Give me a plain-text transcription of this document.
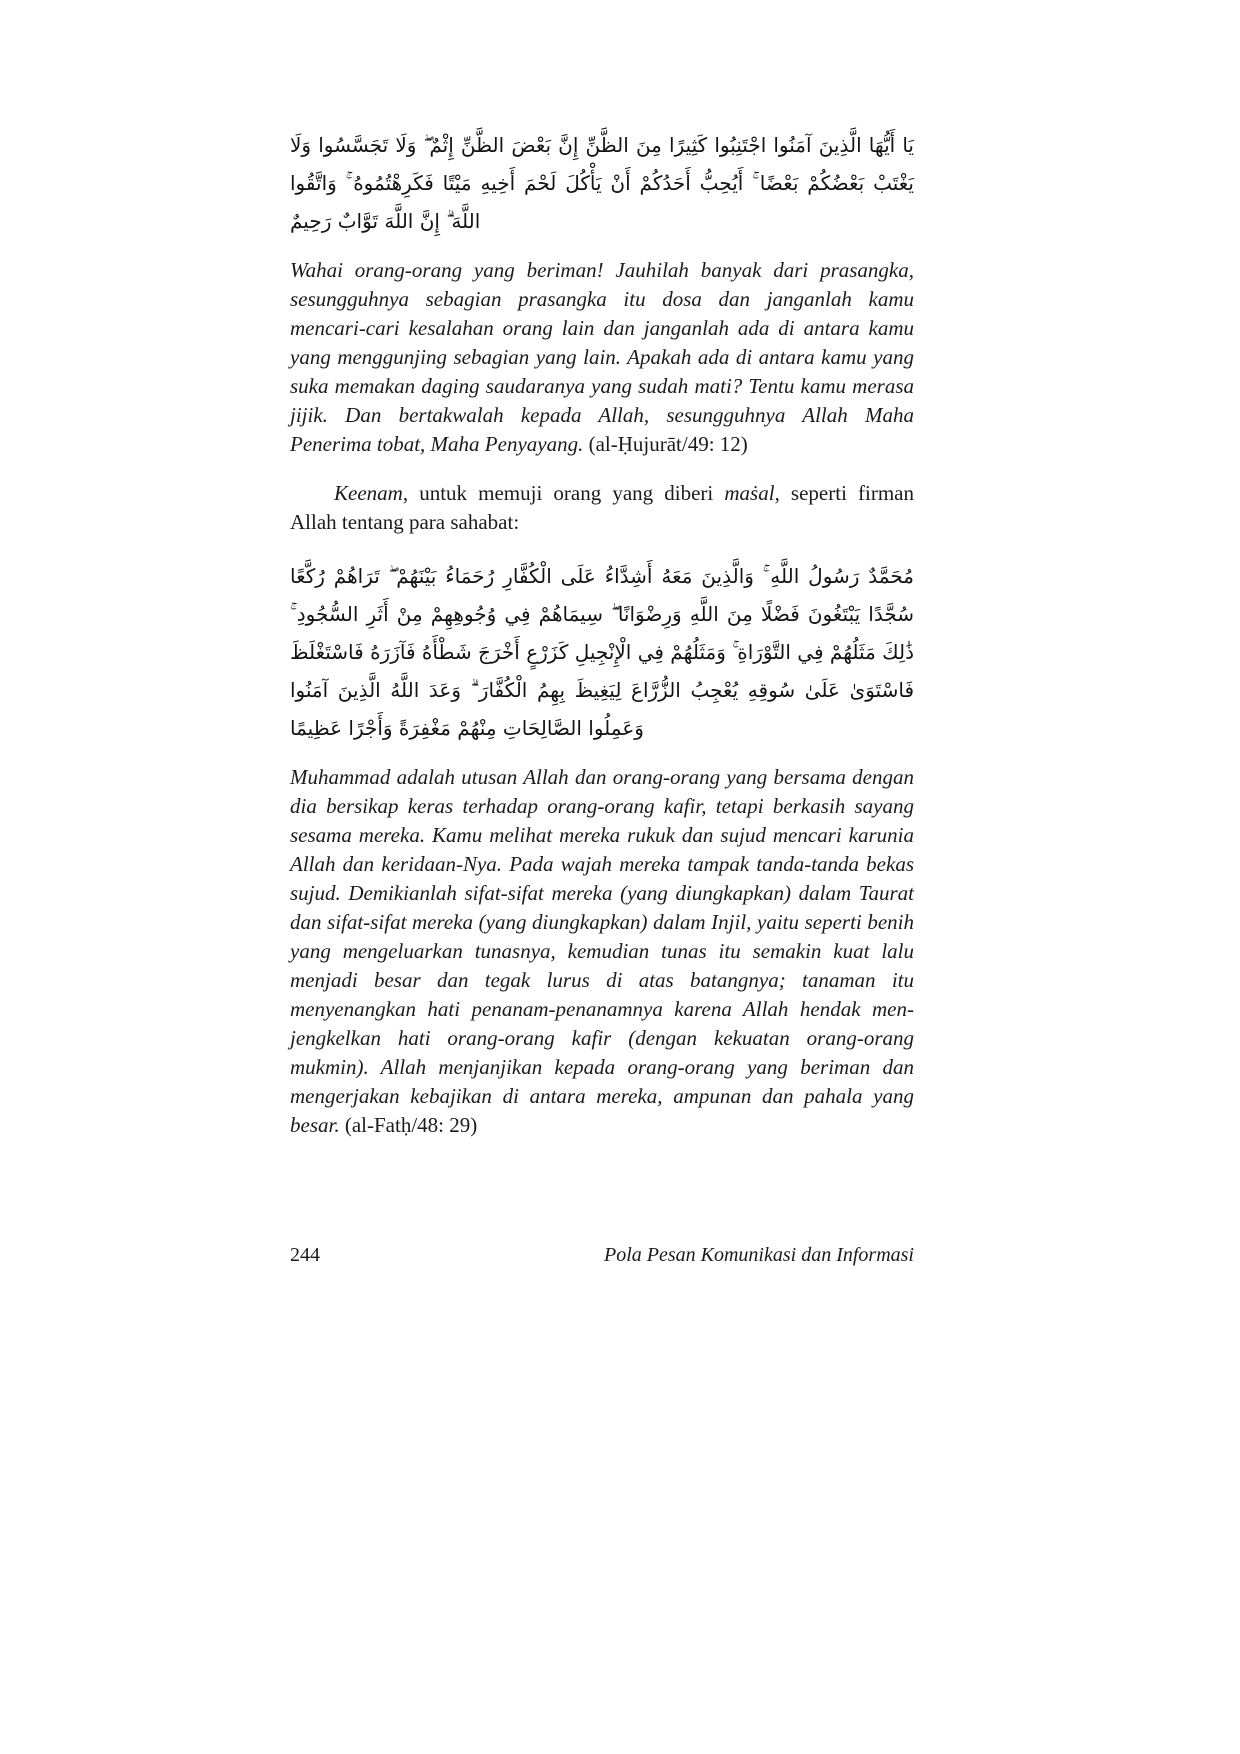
يَا أَيُّهَا الَّذِينَ آمَنُوا اجْتَنِبُوا كَثِيرًا مِنَ الظَّنِّ إِنَّ بَعْضَ الظَّنِّ إِثْمٌ ۖ وَلَا تَجَسَّسُوا وَلَا يَغْتَبْ بَعْضُكُمْ بَعْضًا ۚ أَيُحِبُّ أَحَدُكُمْ أَنْ يَأْكُلَ لَحْمَ أَخِيهِ مَيْتًا فَكَرِهْتُمُوهُ ۚ وَاتَّقُوا اللَّهَ ۗ إِنَّ اللَّهَ تَوَّابٌ رَحِيمٌ

Wahai orang-orang yang beriman! Jauhilah banyak dari prasangka, sesungguhnya sebagian prasangka itu dosa dan janganlah kamu mencari-cari kesalahan orang lain dan janganlah ada di antara kamu yang menggunjing sebagian yang lain. Apakah ada di antara kamu yang suka memakan daging saudaranya yang sudah mati? Tentu kamu merasa jijik. Dan bertakwalah kepada Allah, sesungguhnya Allah Maha Penerima tobat, Maha Penyayang. (al-Ḥujurāt/49: 12)

Keenam, untuk memuji orang yang diberi maṡal, seperti firman Allah tentang para sahabat:

مُحَمَّدٌ رَسُولُ اللَّهِ ۚ وَالَّذِينَ مَعَهُ أَشِدَّاءُ عَلَى الْكُفَّارِ رُحَمَاءُ بَيْنَهُمْ ۖ تَرَاهُمْ رُكَّعًا سُجَّدًا يَبْتَغُونَ فَضْلًا مِنَ اللَّهِ وَرِضْوَانًا ۖ سِيمَاهُمْ فِي وُجُوهِهِمْ مِنْ أَثَرِ السُّجُودِ ۚ ذَٰلِكَ مَثَلُهُمْ فِي التَّوْرَاةِ ۚ وَمَثَلُهُمْ فِي الْإِنْجِيلِ كَزَرْعٍ أَخْرَجَ شَطْأَهُ فَآزَرَهُ فَاسْتَغْلَظَ فَاسْتَوَىٰ عَلَىٰ سُوقِهِ يُعْجِبُ الزُّرَّاعَ لِيَغِيظَ بِهِمُ الْكُفَّارَ ۗ وَعَدَ اللَّهُ الَّذِينَ آمَنُوا وَعَمِلُوا الصَّالِحَاتِ مِنْهُمْ مَغْفِرَةً وَأَجْرًا عَظِيمًا

Muhammad adalah utusan Allah dan orang-orang yang bersama dengan dia bersikap keras terhadap orang-orang kafir, tetapi berkasih sayang sesama mereka. Kamu melihat mereka rukuk dan sujud mencari karunia Allah dan keridaan-Nya. Pada wajah mereka tampak tanda-tanda bekas sujud. Demikianlah sifat-sifat mereka (yang diungkapkan) dalam Taurat dan sifat-sifat mereka (yang diungkapkan) dalam Injil, yaitu seperti benih yang mengeluarkan tunasnya, kemudian tunas itu semakin kuat lalu menjadi besar dan tegak lurus di atas batangnya; tanaman itu menyenangkan hati penanam-penanamnya karena Allah hendak men-jengkelkan hati orang-orang kafir (dengan kekuatan orang-orang mukmin). Allah menjanjikan kepada orang-orang yang beriman dan mengerjakan kebajikan di antara mereka, ampunan dan pahala yang besar. (al-Fatḥ/48: 29)

244	Pola Pesan Komunikasi dan Informasi
